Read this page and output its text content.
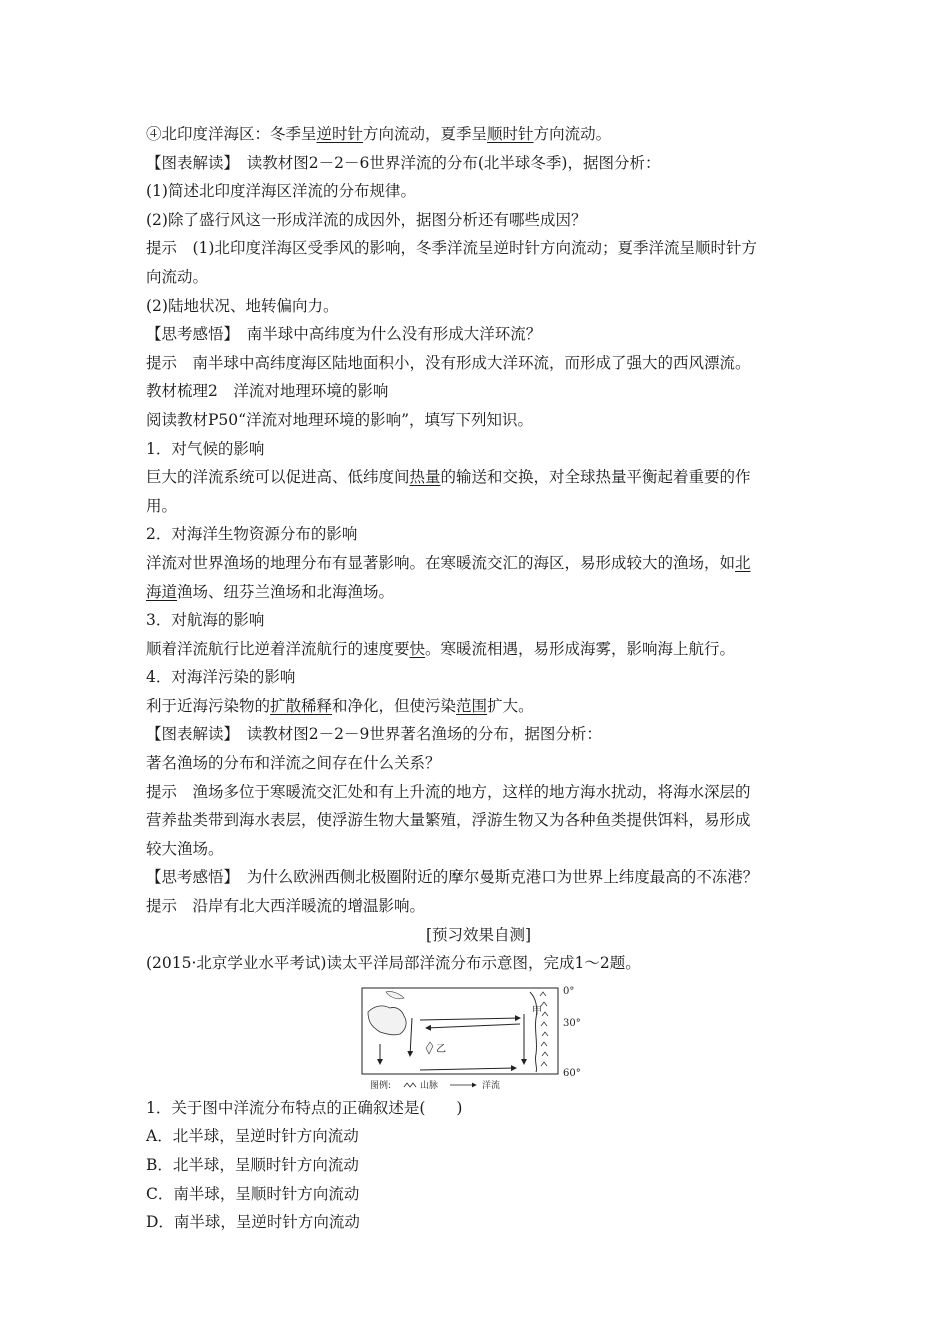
④北印度洋海区：冬季呈逆时针方向流动，夏季呈顺时针方向流动。
【图表解读】　读教材图2－2－6世界洋流的分布(北半球冬季)，据图分析：
(1)简述北印度洋海区洋流的分布规律。
(2)除了盛行风这一形成洋流的成因外，据图分析还有哪些成因？
提示　(1)北印度洋海区受季风的影响，冬季洋流呈逆时针方向流动；夏季洋流呈顺时针方
向流动。
(2)陆地状况、地转偏向力。
【思考感悟】　南半球中高纬度为什么没有形成大洋环流？
提示　南半球中高纬度海区陆地面积小，没有形成大洋环流，而形成了强大的西风漂流。
教材梳理2　洋流对地理环境的影响
阅读教材P50“洋流对地理环境的影响”，填写下列知识。
1．对气候的影响
巨大的洋流系统可以促进高、低纬度间热量的输送和交换，对全球热量平衡起着重要的作
用。
2．对海洋生物资源分布的影响
洋流对世界渔场的地理分布有显著影响。在寒暖流交汇的海区，易形成较大的渔场，如北
海道渔场、纽芬兰渔场和北海渔场。
3．对航海的影响
顺着洋流航行比逆着洋流航行的速度要快。寒暖流相遇，易形成海雾，影响海上航行。
4．对海洋污染的影响
利于近海污染物的扩散稀释和净化，但使污染范围扩大。
【图表解读】　读教材图2－2－9世界著名渔场的分布，据图分析：
著名渔场的分布和洋流之间存在什么关系？
提示　渔场多位于寒暖流交汇处和有上升流的地方，这样的地方海水扰动，将海水深层的
营养盐类带到海水表层，使浮游生物大量繁殖，浮游生物又为各种鱼类提供饵料，易形成
较大渔场。
【思考感悟】　为什么欧洲西侧北极圈附近的摩尔曼斯克港口为世界上纬度最高的不冻港？
提示　沿岸有北大西洋暖流的增温影响。
[预习效果自测]
(2015·北京学业水平考试)读太平洋局部洋流分布示意图，完成1～2题。
甲
乙
0°
30°
60°
图例:	山脉	洋流
1．关于图中洋流分布特点的正确叙述是(　　)
A．北半球，呈逆时针方向流动
B．北半球，呈顺时针方向流动
C．南半球，呈顺时针方向流动
D．南半球，呈逆时针方向流动
